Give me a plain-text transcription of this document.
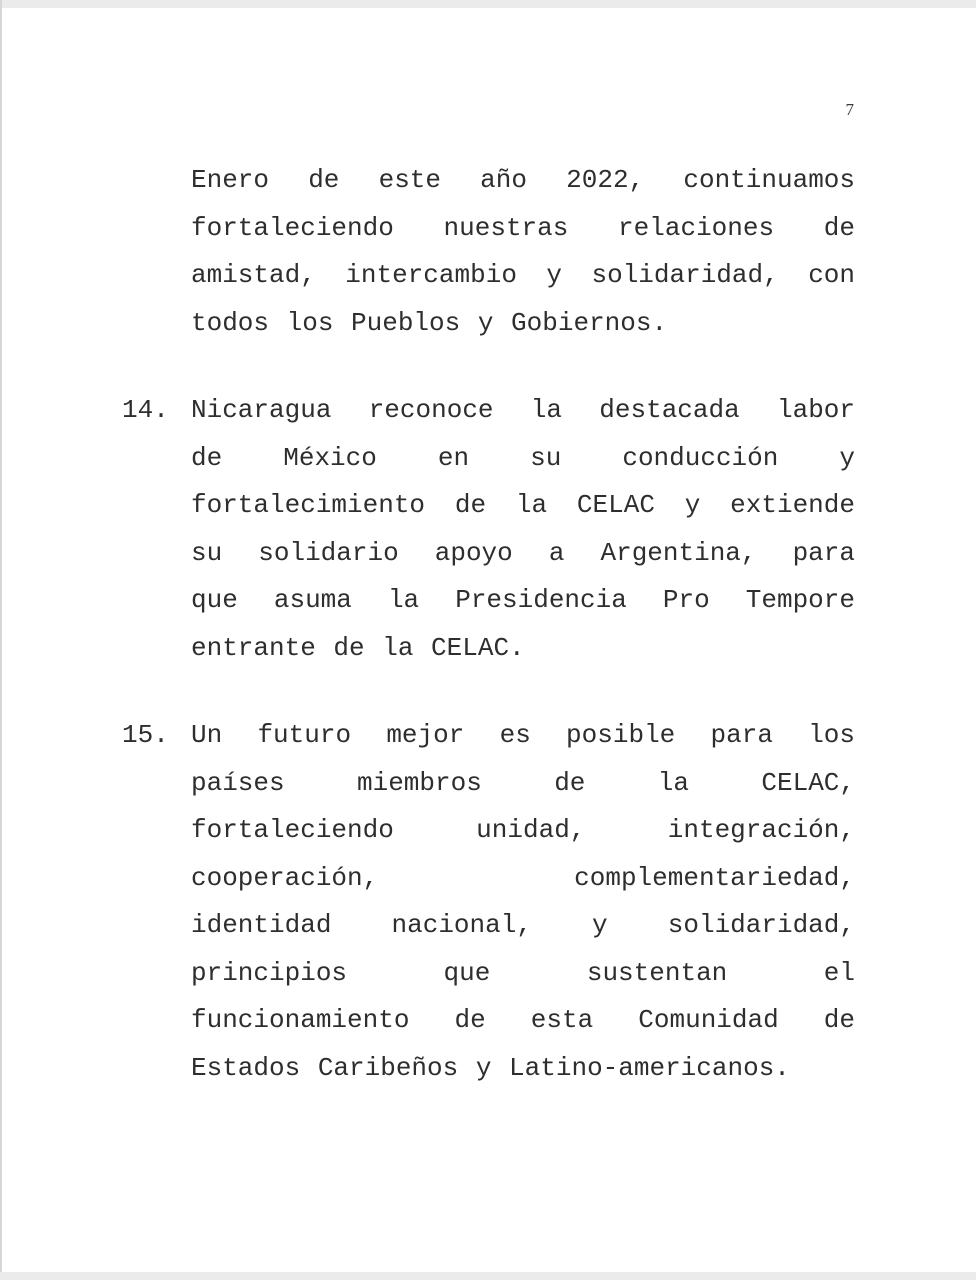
7
Enero de este año 2022, continuamos
fortaleciendo nuestras relaciones de
amistad, intercambio y solidaridad, con
todos los Pueblos y Gobiernos.
14. Nicaragua reconoce la destacada labor
de México en su conducción y
fortalecimiento de la CELAC y extiende
su solidario apoyo a Argentina, para
que asuma la Presidencia Pro Tempore
entrante de la CELAC.
15. Un futuro mejor es posible para los
países miembros de la CELAC,
fortaleciendo unidad, integración,
cooperación, complementariedad,
identidad nacional, y solidaridad,
principios que sustentan el
funcionamiento de esta Comunidad de
Estados Caribeños y Latino-americanos.
